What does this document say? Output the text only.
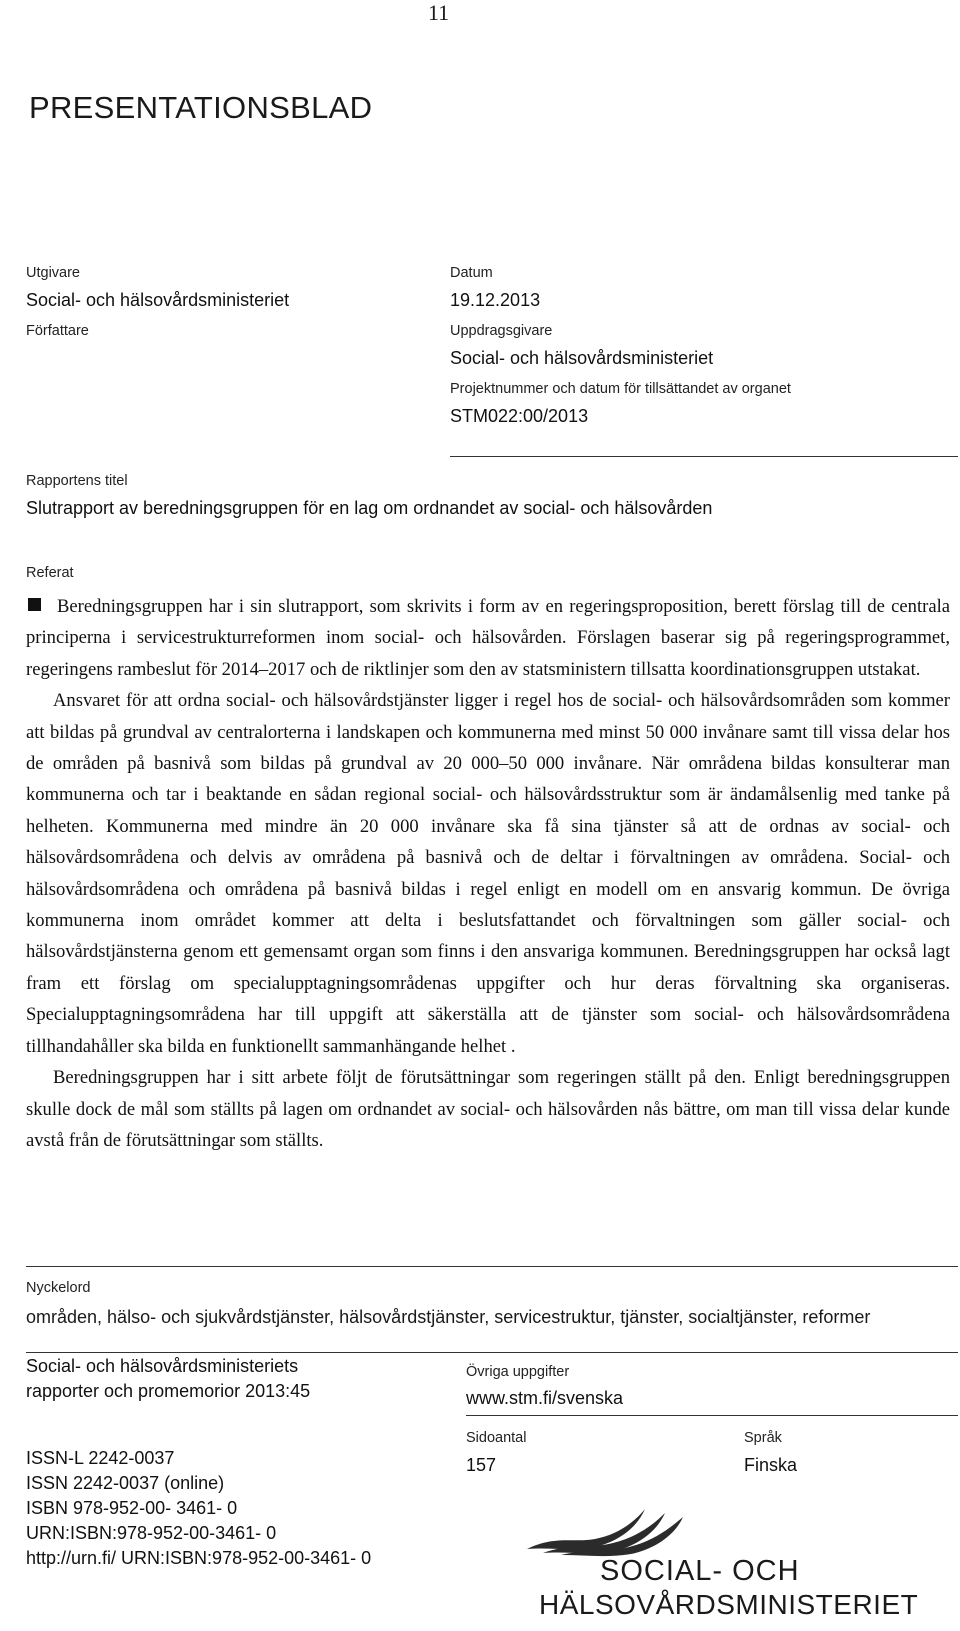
11
PRESENTATIONSBLAD
Utgivare
Social- och hälsovårdsministeriet
Datum
19.12.2013
Författare	Uppdragsgivare
Social- och hälsovårdsministeriet
Projektnummer och datum för tillsättandet av organet
STM022:00/2013
Rapportens titel
Slutrapport av beredningsgruppen för en lag om ordnandet av social- och hälsovården
Referat

Beredningsgruppen har i sin slutrapport, som skrivits i form av en regeringsproposition, berett förslag till de centrala principerna i servicestrukturreformen inom social- och hälsovården. Förslagen baserar sig på regeringsprogrammet, regeringens rambeslut för 2014–2017 och de riktlinjer som den av statsministern tillsatta koordinationsgruppen utstakat.

Ansvaret för att ordna social- och hälsovårdstjänster ligger i regel hos de social- och hälsovårdsområden som kommer att bildas på grundval av centralorterna i landskapen och kommunerna med minst 50 000 invånare samt till vissa delar hos de områden på basnivå som bildas på grundval av 20 000–50 000 invånare. När områdena bildas konsulterar man kommunerna och tar i beaktande en sådan regional social- och hälsovårdsstruktur som är ändamålsenlig med tanke på helheten. Kommunerna med mindre än 20 000 invånare ska få sina tjänster så att de ordnas av social- och hälsovårdsområdena och delvis av områdena på basnivå och de deltar i förvaltningen av områdena. Social- och hälsovårdsområdena och områdena på basnivå bildas i regel enligt en modell om en ansvarig kommun. De övriga kommunerna inom området kommer att delta i beslutsfattandet och förvaltningen som gäller social- och hälsovårdstjänsterna genom ett gemensamt organ som finns i den ansvariga kommunen. Beredningsgruppen har också lagt fram ett förslag om specialupptagningsområdenas uppgifter och hur deras förvaltning ska organiseras. Specialupptagningsområdena har till uppgift att säkerställa att de tjänster som social- och hälsovårdsområdena tillhandahåller ska bilda en funktionellt sammanhängande helhet .

Beredningsgruppen har i sitt arbete följt de förutsättningar som regeringen ställt på den. Enligt beredningsgruppen skulle dock de mål som ställts på lagen om ordnandet av social- och hälsovården nås bättre, om man till vissa delar kunde avstå från de förutsättningar som ställts.

Nyckelord
områden, hälso- och sjukvårdstjänster, hälsovårdstjänster, servicestruktur, tjänster, socialtjänster, reformer
Social- och hälsovårdsministeriets
rapporter och promemorior 2013:45
ISSN-L 2242-0037
ISSN 2242-0037 (online)
ISBN 978-952-00- 3461- 0
URN:ISBN:978-952-00-3461- 0
http://urn.fi/ URN:ISBN:978-952-00-3461- 0
Övriga uppgifter
www.stm.fi/svenska
Sidoantal
157
Språk
Finska
SOCIAL- OCH
HÄLSOVÅRDSMINISTERIET
